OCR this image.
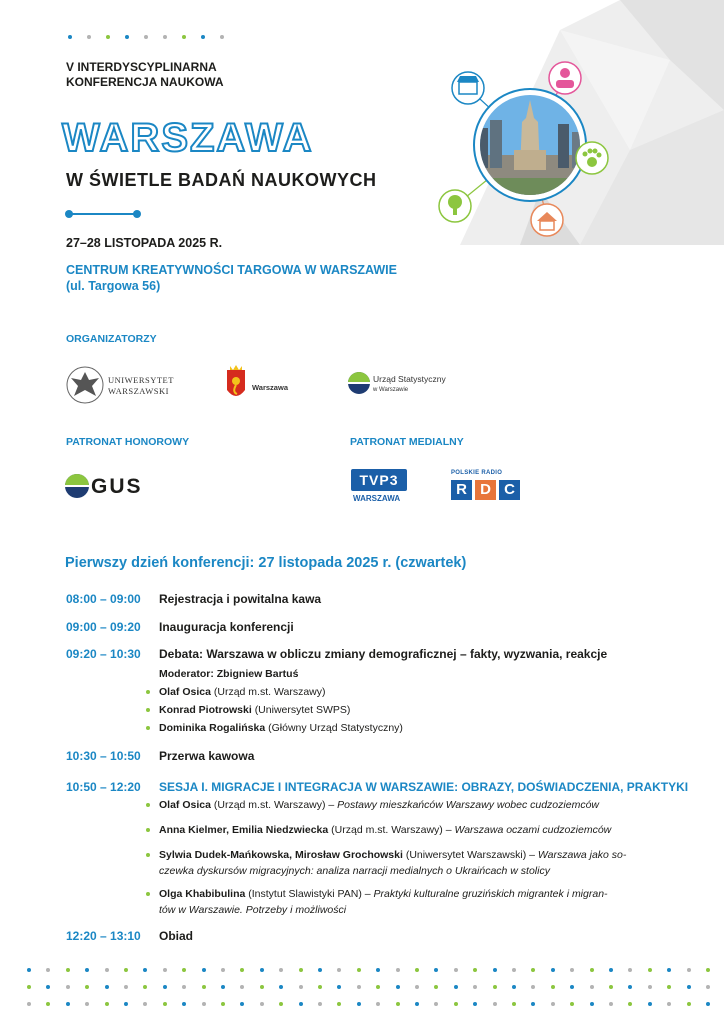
V INTERDYSCYPLINARNA
KONFERENCJA NAUKOWA
WARSZAWA
W ŚWIETLE BADAŃ NAUKOWYCH
27–28 LISTOPADA 2025 R.
CENTRUM KREATYWNOŚCI TARGOWA W WARSZAWIE
(ul. Targowa 56)
ORGANIZATORZY
UNIWERSYTET WARSZAWSKI	Warszawa
Urząd Statystyczny
w Warszawie
PATRONAT HONOROWY
GUS
PATRONAT MEDIALNY
TVP3
WARSZAWA
POLSKIE RADIO
R D C
Pierwszy dzień konferencji: 27 listopada 2025 r. (czwartek)
08:00 – 09:00 Rejestracja i powitalna kawa
09:00 – 09:20 Inauguracja konferencji
09:20 – 10:30 Debata: Warszawa w obliczu zmiany demograficznej – fakty, wyzwania, reakcje
Moderator: Zbigniew Bartuś
Olaf Osica (Urząd m.st. Warszawy)
Konrad Piotrowski (Uniwersytet SWPS)
Dominika Rogalińska (Główny Urząd Statystyczny)
10:30 – 10:50 Przerwa kawowa
10:50 – 12:20 SESJA I. MIGRACJE I INTEGRACJA W WARSZAWIE: OBRAZY, DOŚWIADCZENIA, PRAKTYKI
Olaf Osica (Urząd m.st. Warszawy) – Postawy mieszkańców Warszawy wobec cudzoziemców
Anna Kielmer, Emilia Niedzwiecka (Urząd m.st. Warszawy) – Warszawa oczami cudzoziemców
Sylwia Dudek-Mańkowska, Mirosław Grochowski (Uniwersytet Warszawski) – Warszawa jako so-
czewka dyskursów migracyjnych: analiza narracji medialnych o Ukraińcach w stolicy
Olga Khabibulina (Instytut Slawistyki PAN) – Praktyki kulturalne gruzińskich migrantek i migran-
tów w Warszawie. Potrzeby i możliwości
12:20 – 13:10 Obiad
